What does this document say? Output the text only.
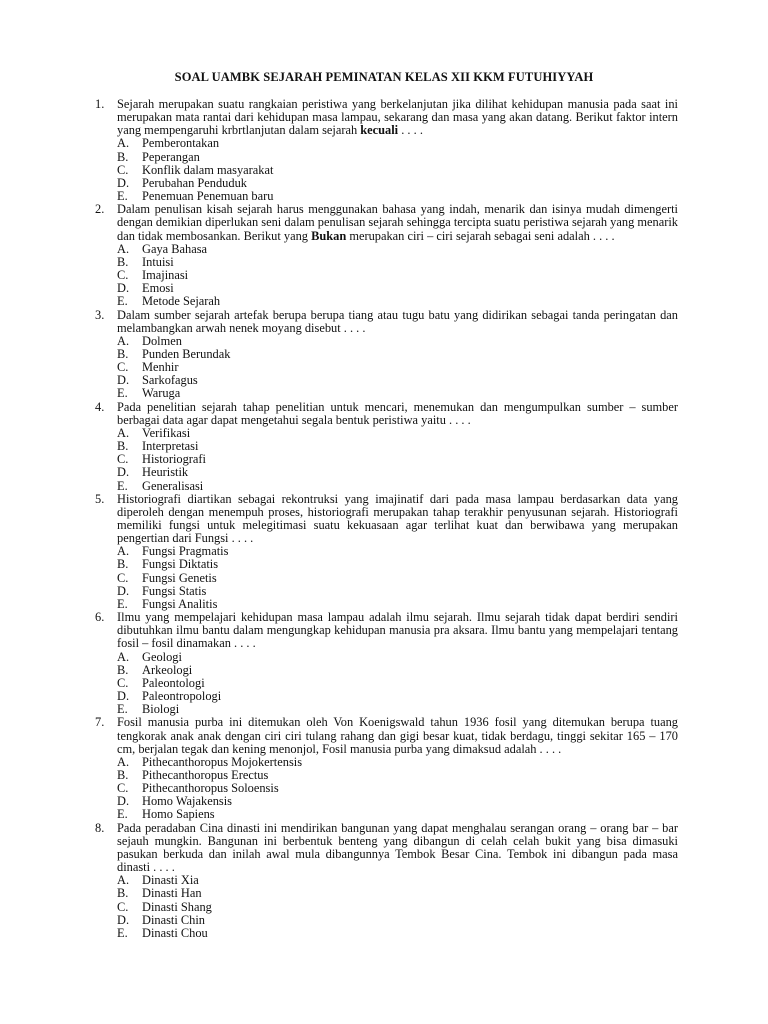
SOAL UAMBK SEJARAH PEMINATAN KELAS XII KKM FUTUHIYYAH
1. Sejarah merupakan suatu rangkaian peristiwa yang berkelanjutan jika dilihat kehidupan manusia pada saat ini merupakan mata rantai dari kehidupan masa lampau, sekarang dan masa yang akan datang. Berikut faktor intern yang mempengaruhi krbrtlanjutan dalam sejarah kecuali . . . .

A. Pemberontakan
B. Peperangan
C. Konflik dalam masyarakat
D. Perubahan Penduduk
E. Penemuan Penemuan baru
2. Dalam penulisan kisah sejarah harus menggunakan bahasa yang indah, menarik dan isinya mudah dimengerti dengan demikian diperlukan seni dalam penulisan sejarah sehingga tercipta suatu peristiwa sejarah yang menarik dan tidak membosankan. Berikut yang Bukan merupakan ciri – ciri sejarah sebagai seni adalah . . . .

A. Gaya Bahasa
B. Intuisi
C. Imajinasi
D. Emosi
E. Metode Sejarah
3. Dalam sumber sejarah artefak berupa berupa tiang atau tugu batu yang didirikan sebagai tanda peringatan dan melambangkan arwah nenek moyang disebut . . . .

A. Dolmen
B. Punden Berundak
C. Menhir
D. Sarkofagus
E. Waruga
4. Pada penelitian sejarah tahap penelitian untuk mencari, menemukan dan mengumpulkan sumber – sumber berbagai data agar dapat mengetahui segala bentuk peristiwa yaitu . . . .

A. Verifikasi
B. Interpretasi
C. Historiografi
D. Heuristik
E. Generalisasi
5. Historiografi diartikan sebagai rekontruksi yang imajinatif dari pada masa lampau berdasarkan data yang diperoleh dengan menempuh proses, historiografi merupakan tahap terakhir penyusunan sejarah. Historiografi memiliki fungsi untuk melegitimasi suatu kekuasaan agar terlihat kuat dan berwibawa yang merupakan pengertian dari Fungsi . . . .

A. Fungsi Pragmatis
B. Fungsi Diktatis
C. Fungsi Genetis
D. Fungsi Statis
E. Fungsi Analitis
6. Ilmu yang mempelajari kehidupan masa lampau adalah ilmu sejarah. Ilmu sejarah tidak dapat berdiri sendiri dibutuhkan ilmu bantu dalam mengungkap kehidupan manusia pra aksara. Ilmu bantu yang mempelajari tentang fosil – fosil dinamakan . . . .

A. Geologi
B. Arkeologi
C. Paleontologi
D. Paleontropologi
E. Biologi
7. Fosil manusia purba ini ditemukan oleh Von Koenigswald tahun 1936 fosil yang ditemukan berupa tuang tengkorak anak anak dengan ciri ciri tulang rahang dan gigi besar kuat, tidak berdagu, tinggi sekitar 165 – 170 cm, berjalan tegak dan kening menonjol, Fosil manusia purba yang dimaksud adalah . . . .

A. Pithecanthoropus Mojokertensis
B. Pithecanthoropus Erectus
C. Pithecanthoropus Soloensis
D. Homo Wajakensis
E. Homo Sapiens
8. Pada peradaban Cina dinasti ini mendirikan bangunan yang dapat menghalau serangan orang – orang bar – bar sejauh mungkin. Bangunan ini berbentuk benteng yang dibangun di celah celah bukit yang bisa dimasuki pasukan berkuda dan inilah awal mula dibangunnya Tembok Besar Cina. Tembok ini dibangun pada masa dinasti . . . .

A. Dinasti Xia
B. Dinasti Han
C. Dinasti Shang
D. Dinasti Chin
E. Dinasti Chou
